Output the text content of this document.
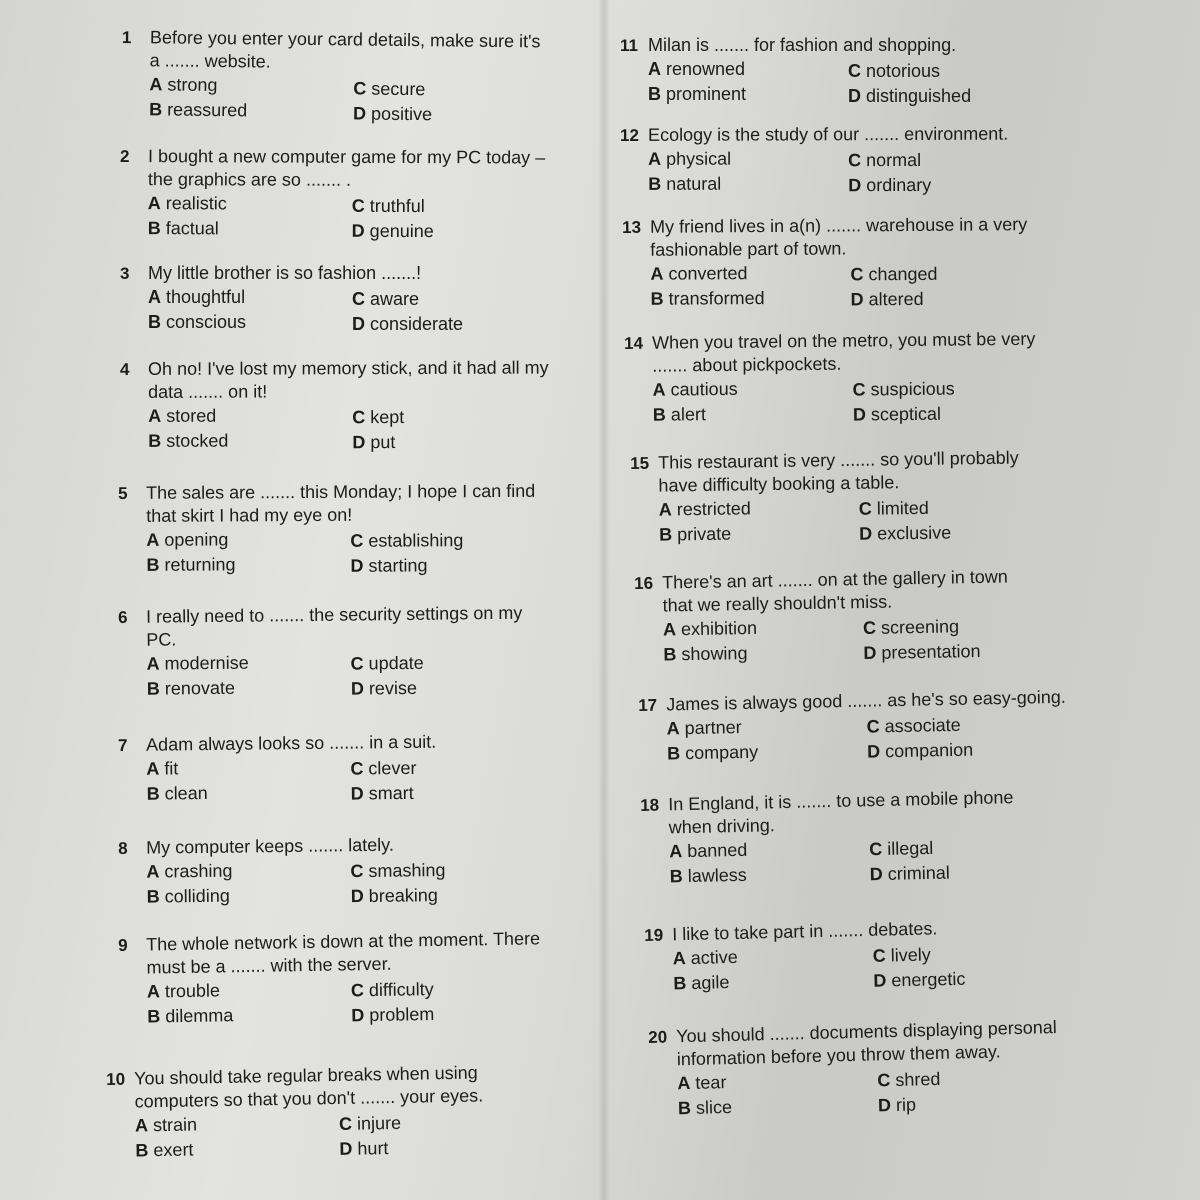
1 Before you enter your card details, make sure it's
a ....... website.
A strong
B reassured
C secure
D positive
2 I bought a new computer game for my PC today –
the graphics are so ....... .
A realistic
B factual
C truthful
D genuine
3 My little brother is so fashion .......!
A thoughtful
B conscious
C aware
D considerate
4 Oh no! I've lost my memory stick, and it had all my
data ....... on it!
A stored
B stocked
C kept
D put
5 The sales are ....... this Monday; I hope I can find
that skirt I had my eye on!
A opening
B returning
C establishing
D starting
6 I really need to ....... the security settings on my
PC.
A modernise
B renovate
C update
D revise
7 Adam always looks so ....... in a suit.
A fit
B clean
C clever
D smart
8 My computer keeps ....... lately.
A crashing
B colliding
C smashing
D breaking
9 The whole network is down at the moment. There
must be a ....... with the server.
A trouble
B dilemma
C difficulty
D problem
10 You should take regular breaks when using
computers so that you don't ....... your eyes.
A strain
B exert
C injure
D hurt
11 Milan is ....... for fashion and shopping.
A renowned
B prominent
C notorious
D distinguished
12 Ecology is the study of our ....... environment.
A physical
B natural
C normal
D ordinary
13 My friend lives in a(n) ....... warehouse in a very
fashionable part of town.
A converted
B transformed
C changed
D altered
14 When you travel on the metro, you must be very
....... about pickpockets.
A cautious
B alert
C suspicious
D sceptical
15 This restaurant is very ....... so you'll probably
have difficulty booking a table.
A restricted
B private
C limited
D exclusive
16 There's an art ....... on at the gallery in town
that we really shouldn't miss.
A exhibition
B showing
C screening
D presentation
17 James is always good ....... as he's so easy-going.
A partner
B company
C associate
D companion
18 In England, it is ....... to use a mobile phone
when driving.
A banned
B lawless
C illegal
D criminal
19 I like to take part in ....... debates.
A active
B agile
C lively
D energetic
20 You should ....... documents displaying personal
information before you throw them away.
A tear
B slice
C shred
D rip
